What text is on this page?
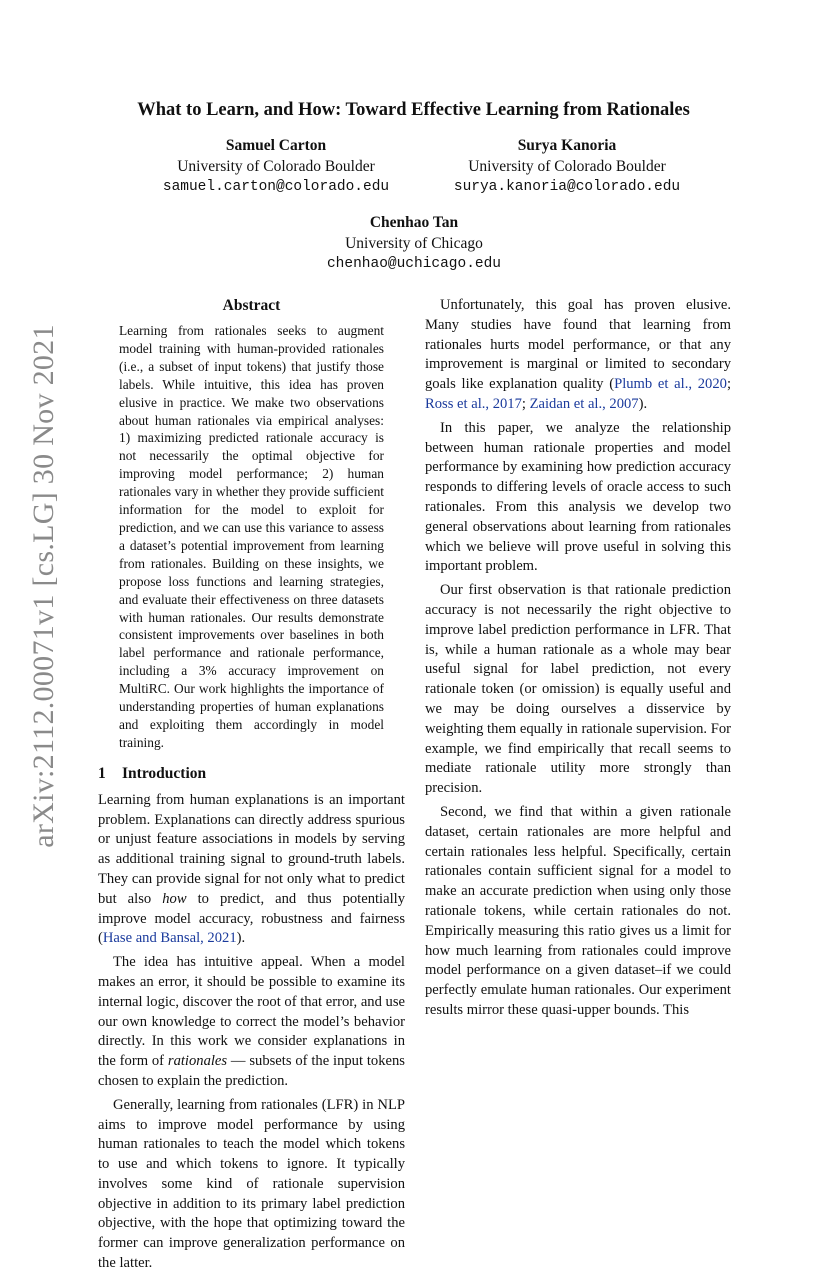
arXiv:2112.00071v1 [cs.LG] 30 Nov 2021
What to Learn, and How: Toward Effective Learning from Rationales
Samuel Carton
University of Colorado Boulder
samuel.carton@colorado.edu
Surya Kanoria
University of Colorado Boulder
surya.kanoria@colorado.edu
Chenhao Tan
University of Chicago
chenhao@uchicago.edu
Abstract
Learning from rationales seeks to augment model training with human-provided rationales (i.e., a subset of input tokens) that justify those labels. While intuitive, this idea has proven elusive in practice. We make two observations about human rationales via empirical analyses: 1) maximizing predicted rationale accuracy is not necessarily the optimal objective for improving model performance; 2) human rationales vary in whether they provide sufficient information for the model to exploit for prediction, and we can use this variance to assess a dataset’s potential improvement from learning from rationales. Building on these insights, we propose loss functions and learning strategies, and evaluate their effectiveness on three datasets with human rationales. Our results demonstrate consistent improvements over baselines in both label performance and rationale performance, including a 3% accuracy improvement on MultiRC. Our work highlights the importance of understanding properties of human explanations and exploiting them accordingly in model training.
1 Introduction

Learning from human explanations is an important problem. Explanations can directly address spurious or unjust feature associations in models by serving as additional training signal to ground-truth labels. They can provide signal for not only what to predict but also how to predict, and thus potentially improve model accuracy, robustness and fairness (Hase and Bansal, 2021).

The idea has intuitive appeal. When a model makes an error, it should be possible to examine its internal logic, discover the root of that error, and use our own knowledge to correct the model’s behavior directly. In this work we consider explanations in the form of rationales — subsets of the input tokens chosen to explain the prediction.

Generally, learning from rationales (LFR) in NLP aims to improve model performance by using human rationales to teach the model which tokens to use and which tokens to ignore. It typically involves some kind of rationale supervision objective in addition to its primary label prediction objective, with the hope that optimizing toward the former can improve generalization performance on the latter.

Unfortunately, this goal has proven elusive. Many studies have found that learning from rationales hurts model performance, or that any improvement is marginal or limited to secondary goals like explanation quality (Plumb et al., 2020; Ross et al., 2017; Zaidan et al., 2007).

In this paper, we analyze the relationship between human rationale properties and model performance by examining how prediction accuracy responds to differing levels of oracle access to such rationales. From this analysis we develop two general observations about learning from rationales which we believe will prove useful in solving this important problem.

Our first observation is that rationale prediction accuracy is not necessarily the right objective to improve label prediction performance in LFR. That is, while a human rationale as a whole may bear useful signal for label prediction, not every rationale token (or omission) is equally useful and we may be doing ourselves a disservice by weighting them equally in rationale supervision. For example, we find empirically that recall seems to mediate rationale utility more strongly than precision.

Second, we find that within a given rationale dataset, certain rationales are more helpful and certain rationales less helpful. Specifically, certain rationales contain sufficient signal for a model to make an accurate prediction when using only those rationale tokens, while certain rationales do not. Empirically measuring this ratio gives us a limit for how much learning from rationales could improve model performance on a given dataset–if we could perfectly emulate human rationales. Our experiment results mirror these quasi-upper bounds. This
